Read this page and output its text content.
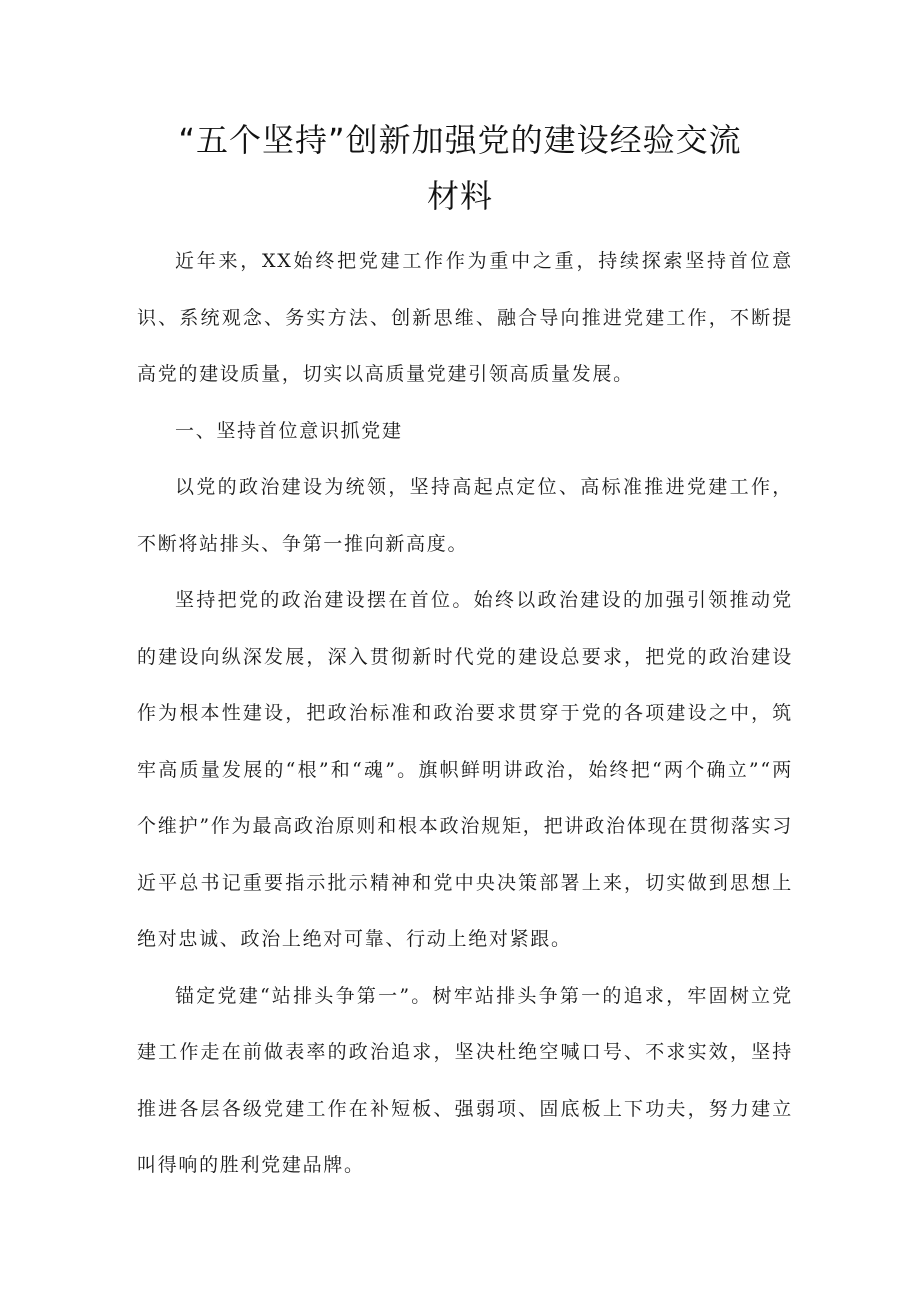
“五个坚持”创新加强党的建设经验交流
材料

近年来，XX始终把党建工作作为重中之重，持续探索坚持首位意识、系统观念、务实方法、创新思维、融合导向推进党建工作，不断提高党的建设质量，切实以高质量党建引领高质量发展。

一、坚持首位意识抓党建

以党的政治建设为统领，坚持高起点定位、高标准推进党建工作，不断将站排头、争第一推向新高度。

坚持把党的政治建设摆在首位。始终以政治建设的加强引领推动党的建设向纵深发展，深入贯彻新时代党的建设总要求，把党的政治建设作为根本性建设，把政治标准和政治要求贯穿于党的各项建设之中，筑牢高质量发展的“根”和“魂”。旗帜鲜明讲政治，始终把“两个确立”“两个维护”作为最高政治原则和根本政治规矩，把讲政治体现在贯彻落实习近平总书记重要指示批示精神和党中央决策部署上来，切实做到思想上绝对忠诚、政治上绝对可靠、行动上绝对紧跟。

锚定党建“站排头争第一”。树牢站排头争第一的追求，牢固树立党建工作走在前做表率的政治追求，坚决杜绝空喊口号、不求实效，坚持推进各层各级党建工作在补短板、强弱项、固底板上下功夫，努力建立叫得响的胜利党建品牌。
